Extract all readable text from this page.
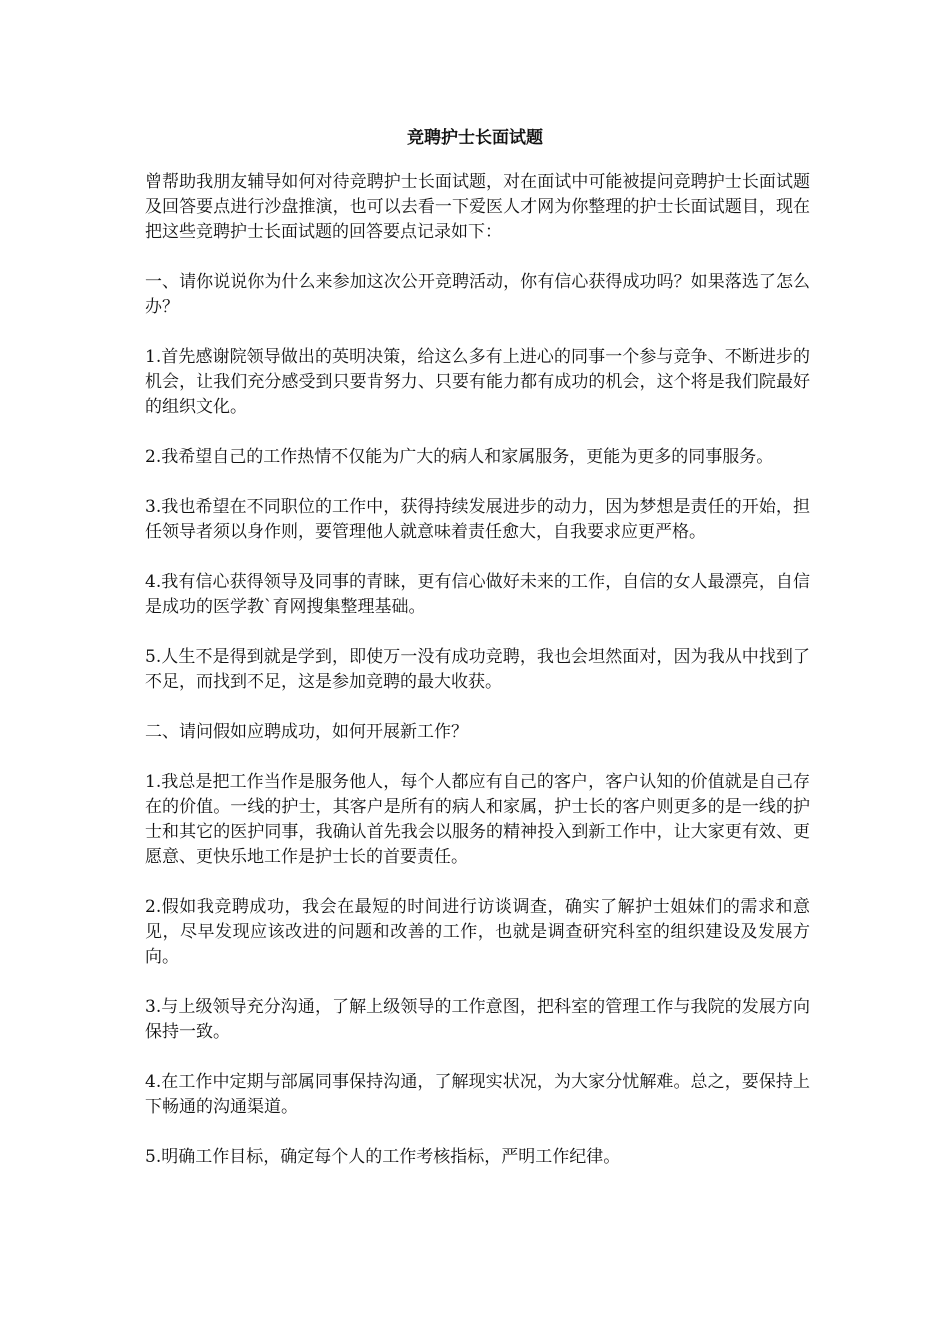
竞聘护士长面试题

曾帮助我朋友辅导如何对待竞聘护士长面试题，对在面试中可能被提问竞聘护士长面试题及回答要点进行沙盘推演，也可以去看一下爱医人才网为你整理的护士长面试题目，现在把这些竞聘护士长面试题的回答要点记录如下：

一、请你说说你为什么来参加这次公开竞聘活动，你有信心获得成功吗？如果落选了怎么办？

1.首先感谢院领导做出的英明决策，给这么多有上进心的同事一个参与竞争、不断进步的机会，让我们充分感受到只要肯努力、只要有能力都有成功的机会，这个将是我们院最好的组织文化。

2.我希望自己的工作热情不仅能为广大的病人和家属服务，更能为更多的同事服务。

3.我也希望在不同职位的工作中，获得持续发展进步的动力，因为梦想是责任的开始，担任领导者须以身作则，要管理他人就意味着责任愈大，自我要求应更严格。

4.我有信心获得领导及同事的青睐，更有信心做好未来的工作，自信的女人最漂亮，自信是成功的医学教`育网搜集整理基础。

5.人生不是得到就是学到，即使万一没有成功竞聘，我也会坦然面对，因为我从中找到了不足，而找到不足，这是参加竞聘的最大收获。

二、请问假如应聘成功，如何开展新工作？

1.我总是把工作当作是服务他人，每个人都应有自己的客户，客户认知的价值就是自己存在的价值。一线的护士，其客户是所有的病人和家属，护士长的客户则更多的是一线的护士和其它的医护同事，我确认首先我会以服务的精神投入到新工作中，让大家更有效、更愿意、更快乐地工作是护士长的首要责任。

2.假如我竞聘成功，我会在最短的时间进行访谈调查，确实了解护士姐妹们的需求和意见，尽早发现应该改进的问题和改善的工作，也就是调查研究科室的组织建设及发展方向。

3.与上级领导充分沟通，了解上级领导的工作意图，把科室的管理工作与我院的发展方向保持一致。

4.在工作中定期与部属同事保持沟通，了解现实状况，为大家分忧解难。总之，要保持上下畅通的沟通渠道。

5.明确工作目标，确定每个人的工作考核指标，严明工作纪律。
